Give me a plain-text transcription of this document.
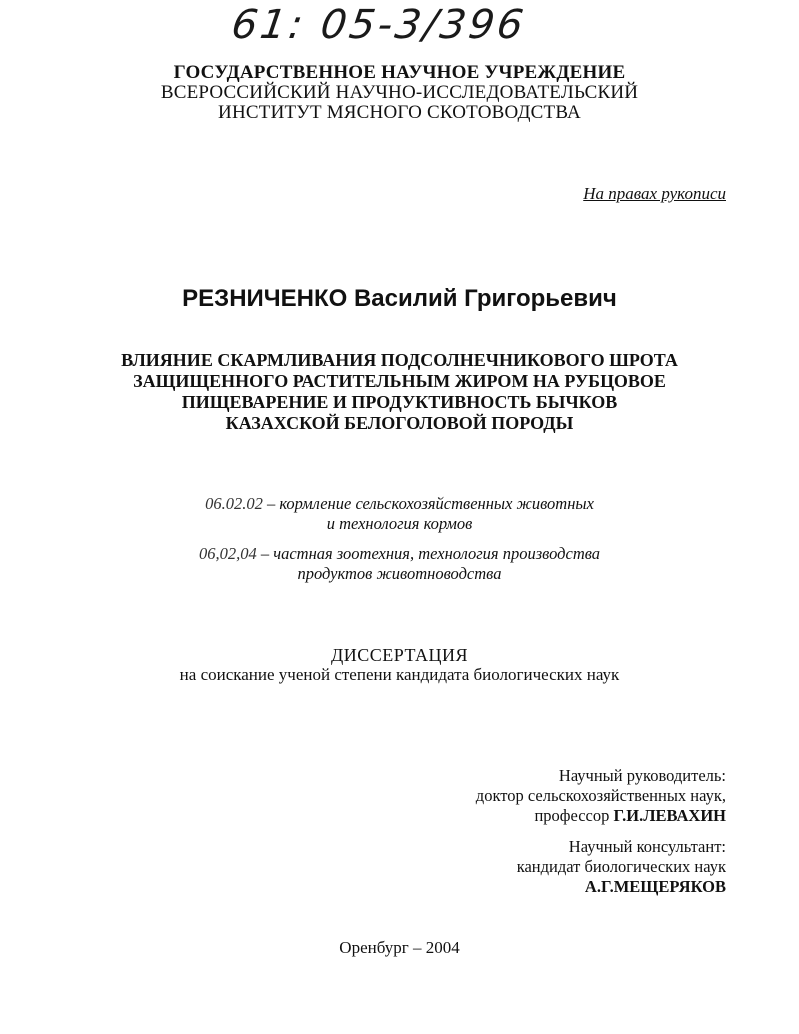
61: 05-3/396
ГОСУДАРСТВЕННОЕ НАУЧНОЕ УЧРЕЖДЕНИЕ
ВСЕРОССИЙСКИЙ НАУЧНО-ИССЛЕДОВАТЕЛЬСКИЙ
ИНСТИТУТ МЯСНОГО СКОТОВОДСТВА
На правах рукописи
РЕЗНИЧЕНКО Василий Григорьевич
ВЛИЯНИЕ СКАРМЛИВАНИЯ ПОДСОЛНЕЧНИКОВОГО ШРОТА
ЗАЩИЩЕННОГО РАСТИТЕЛЬНЫМ ЖИРОМ НА РУБЦОВОЕ
ПИЩЕВАРЕНИЕ И ПРОДУКТИВНОСТЬ БЫЧКОВ
КАЗАХСКОЙ БЕЛОГОЛОВОЙ ПОРОДЫ
06.02.02 – кормление сельскохозяйственных животных
и технология кормов
06,02,04 – частная зоотехния, технология производства
продуктов животноводства
ДИССЕРТАЦИЯ
на соискание ученой степени кандидата биологических наук
Научный руководитель:
доктор сельскохозяйственных наук,
профессор Г.И.ЛЕВАХИН
Научный консультант:
кандидат биологических наук
А.Г.МЕЩЕРЯКОВ
Оренбург – 2004
